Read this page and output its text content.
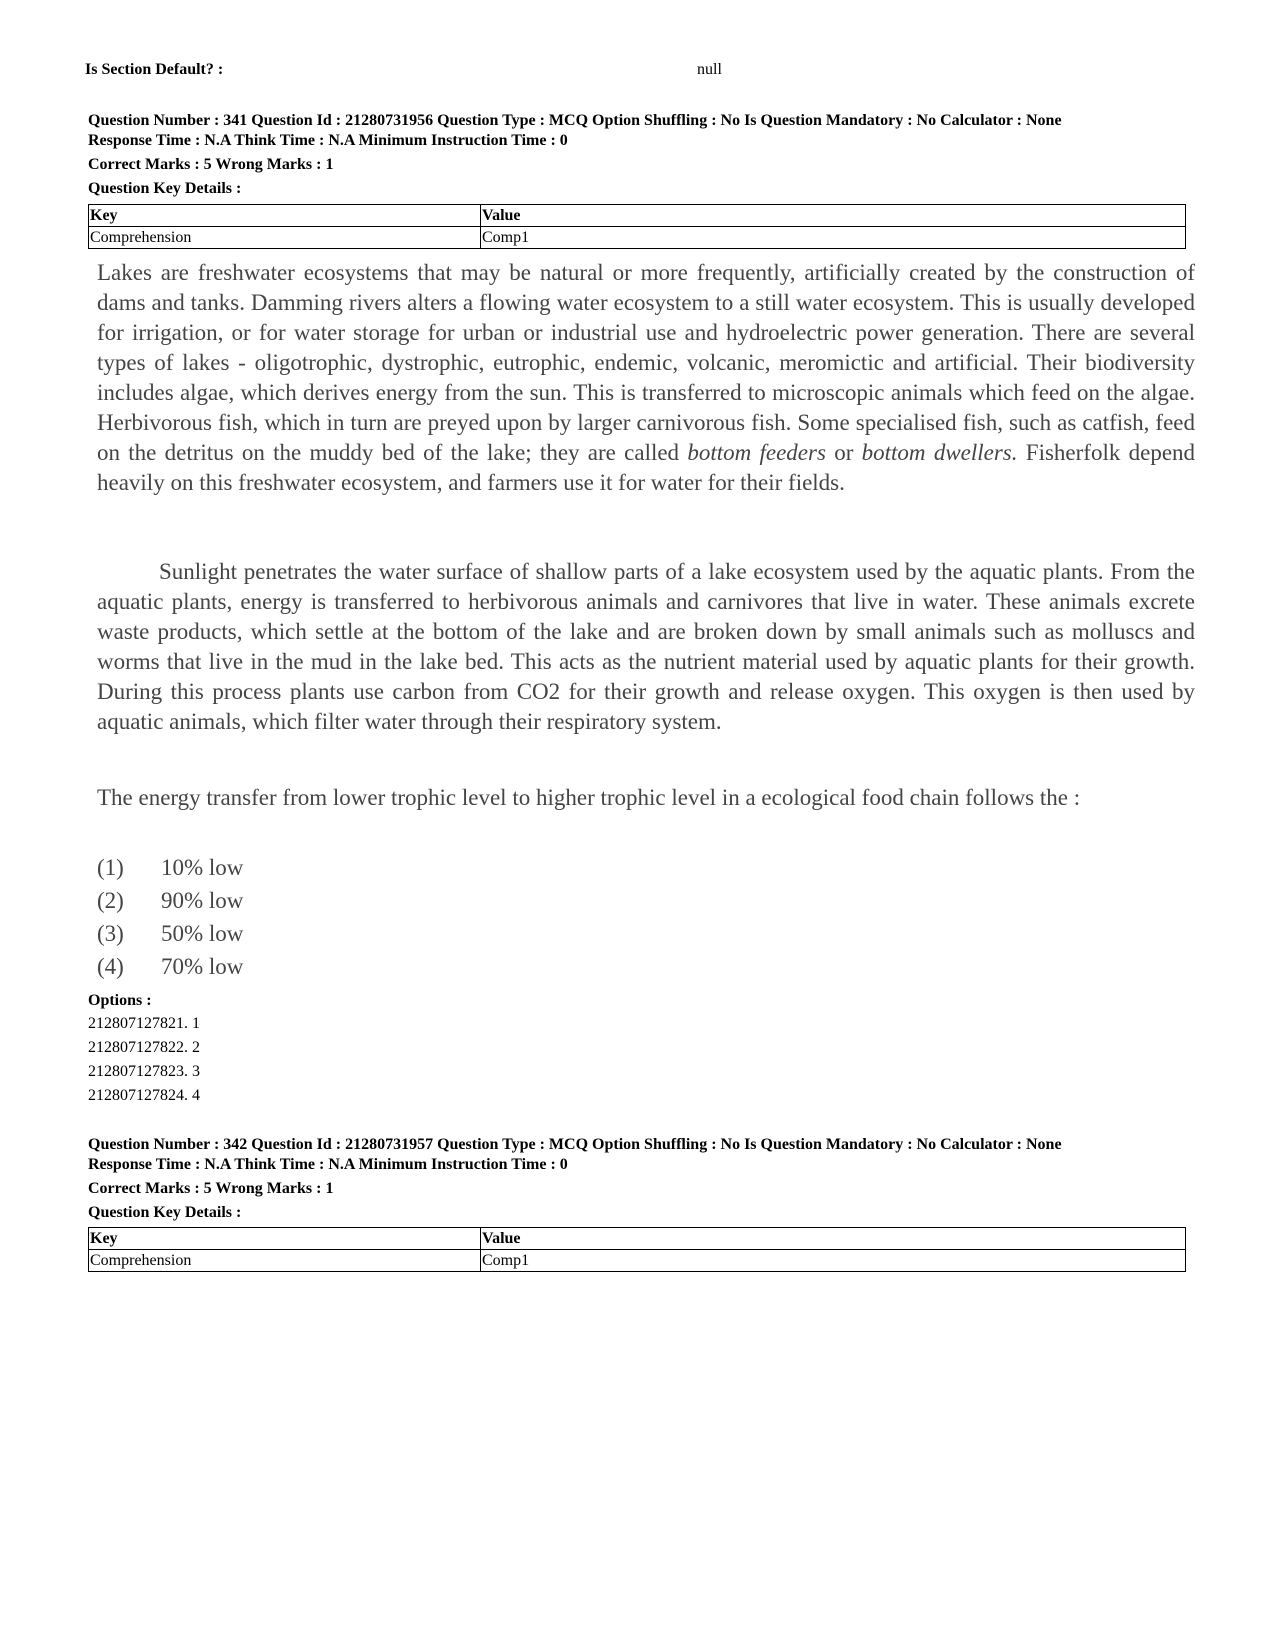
Is Section Default? :	null
Question Number : 341 Question Id : 21280731956 Question Type : MCQ Option Shuffling : No Is Question Mandatory : No Calculator : None
Response Time : N.A Think Time : N.A Minimum Instruction Time : 0
Correct Marks : 5 Wrong Marks : 1
Question Key Details :
Key	Value
Comprehension	Comp1

Lakes are freshwater ecosystems that may be natural or more frequently, artificially created by the construction of dams and tanks. Damming rivers alters a flowing water ecosystem to a still water ecosystem. This is usually developed for irrigation, or for water storage for urban or industrial use and hydroelectric power generation. There are several types of lakes - oligotrophic, dystrophic, eutrophic, endemic, volcanic, meromictic and artificial. Their biodiversity includes algae, which derives energy from the sun. This is transferred to microscopic animals which feed on the algae. Herbivorous fish, which in turn are preyed upon by larger carnivorous fish. Some specialised fish, such as catfish, feed on the detritus on the muddy bed of the lake; they are called bottom feeders or bottom dwellers. Fisherfolk depend heavily on this freshwater ecosystem, and farmers use it for water for their fields.

Sunlight penetrates the water surface of shallow parts of a lake ecosystem used by the aquatic plants. From the aquatic plants, energy is transferred to herbivorous animals and carnivores that live in water. These animals excrete waste products, which settle at the bottom of the lake and are broken down by small animals such as molluscs and worms that live in the mud in the lake bed. This acts as the nutrient material used by aquatic plants for their growth. During this process plants use carbon from CO2 for their growth and release oxygen. This oxygen is then used by aquatic animals, which filter water through their respiratory system.

The energy transfer from lower trophic level to higher trophic level in a ecological food chain follows the :

(1) 10% low
(2) 90% low
(3) 50% low
(4) 70% low
Options :
212807127821. 1
212807127822. 2
212807127823. 3
212807127824. 4
Question Number : 342 Question Id : 21280731957 Question Type : MCQ Option Shuffling : No Is Question Mandatory : No Calculator : None
Response Time : N.A Think Time : N.A Minimum Instruction Time : 0
Correct Marks : 5 Wrong Marks : 1
Question Key Details :
Key	Value
Comprehension	Comp1
